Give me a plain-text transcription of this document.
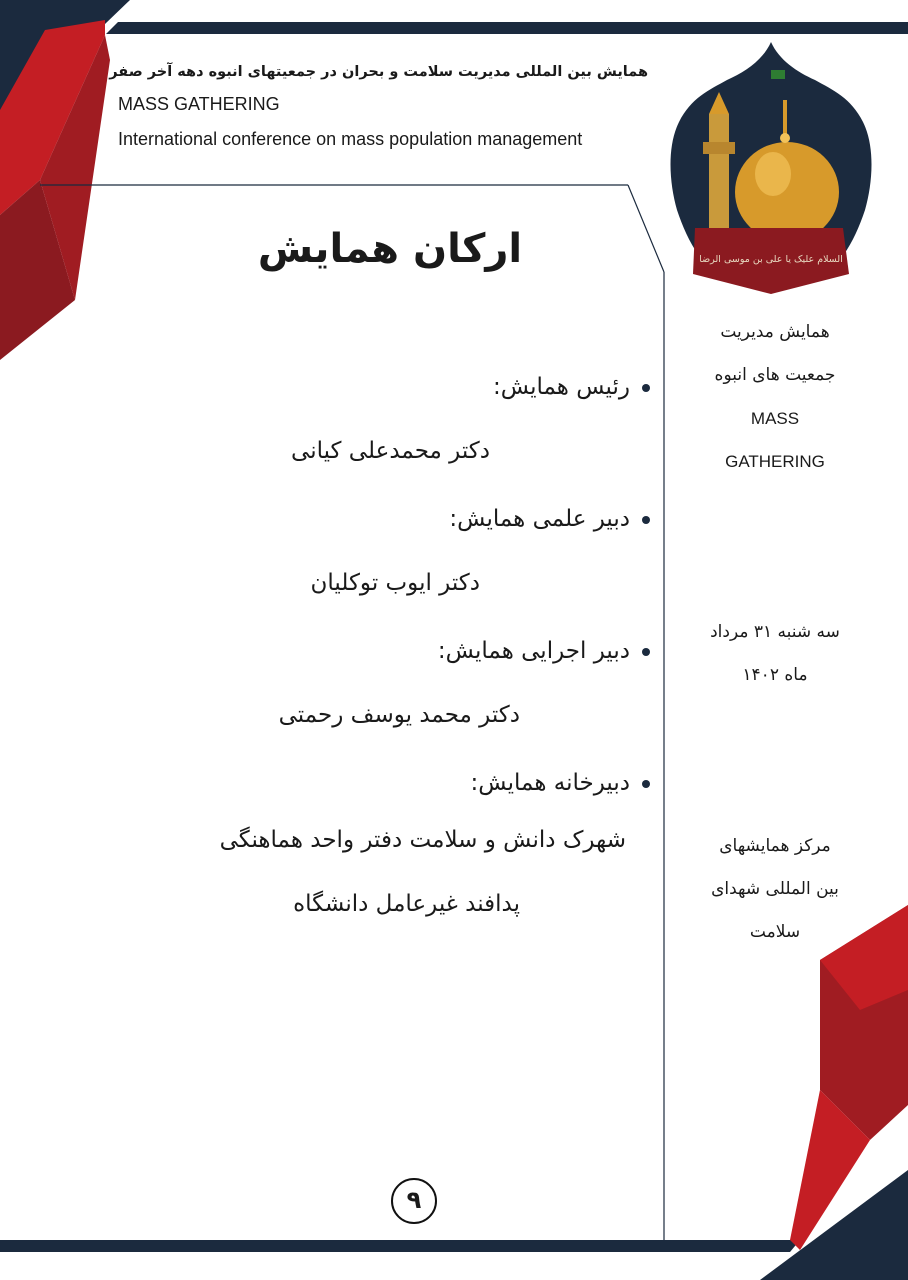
السلام علیک یا علی بن موسی الرضا

همایش بین المللی مدیریت سلامت و بحران در جمعیتهای انبوه دهه آخر صفر

MASS GATHERING

International conference on mass population management

ارکان همایش
رئیس همایش:
دکتر محمدعلی کیانی
دبیر علمی همایش:
دکتر ایوب توکلیان
دبیر اجرایی همایش:
دکتر محمد یوسف رحمتی
دبیرخانه همایش:
شهرک دانش و سلامت دفتر واحد هماهنگی
پدافند غیرعامل دانشگاه

همایش مدیریت

جمعیت های انبوه

MASS

GATHERING

سه شنبه ۳۱ مرداد

ماه ۱۴۰۲

مرکز همایشهای

بین المللی شهدای

سلامت

۹
